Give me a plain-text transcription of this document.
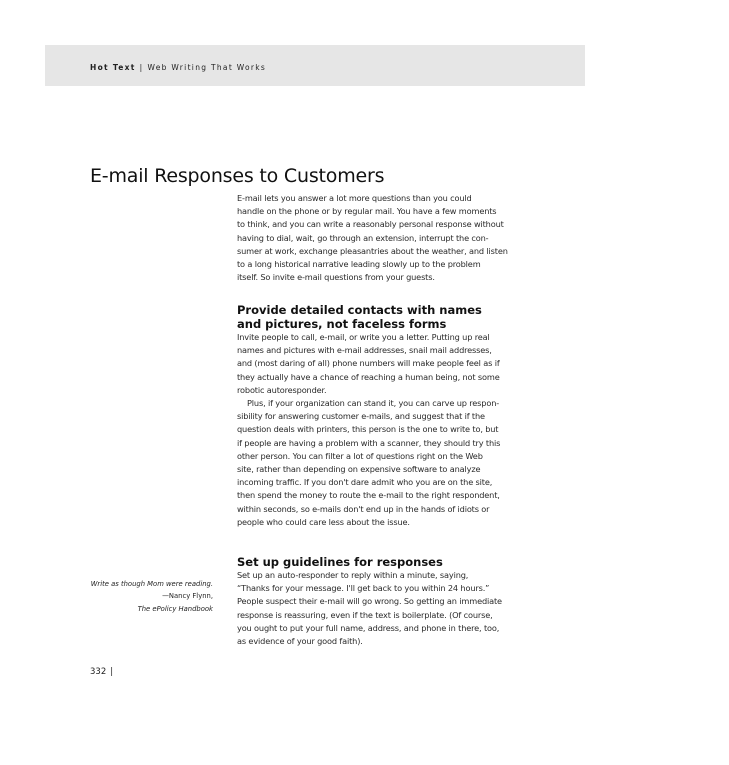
Hot Text | Web Writing That Works
E-mail Responses to Customers

E-mail lets you answer a lot more questions than you could
handle on the phone or by regular mail. You have a few moments
to think, and you can write a reasonably personal response without
having to dial, wait, go through an extension, interrupt the con-
sumer at work, exchange pleasantries about the weather, and listen
to a long historical narrative leading slowly up to the problem
itself. So invite e-mail questions from your guests.

Provide detailed contacts with names
and pictures, not faceless forms

Invite people to call, e-mail, or write you a letter. Putting up real
names and pictures with e-mail addresses, snail mail addresses,
and (most daring of all) phone numbers will make people feel as if
they actually have a chance of reaching a human being, not some
robotic autoresponder.

Plus, if your organization can stand it, you can carve up respon-
sibility for answering customer e-mails, and suggest that if the
question deals with printers, this person is the one to write to, but
if people are having a problem with a scanner, they should try this
other person. You can filter a lot of questions right on the Web
site, rather than depending on expensive software to analyze
incoming traffic. If you don't dare admit who you are on the site,
then spend the money to route the e-mail to the right respondent,
within seconds, so e-mails don't end up in the hands of idiots or
people who could care less about the issue.

Set up guidelines for responses

Set up an auto-responder to reply within a minute, saying,
“Thanks for your message. I'll get back to you within 24 hours.”
People suspect their e-mail will go wrong. So getting an immediate
response is reassuring, even if the text is boilerplate. (Of course,
you ought to put your full name, address, and phone in there, too,
as evidence of your good faith).

Write as though Mom were reading.
—Nancy Flynn,
The ePolicy Handbook
332 |
